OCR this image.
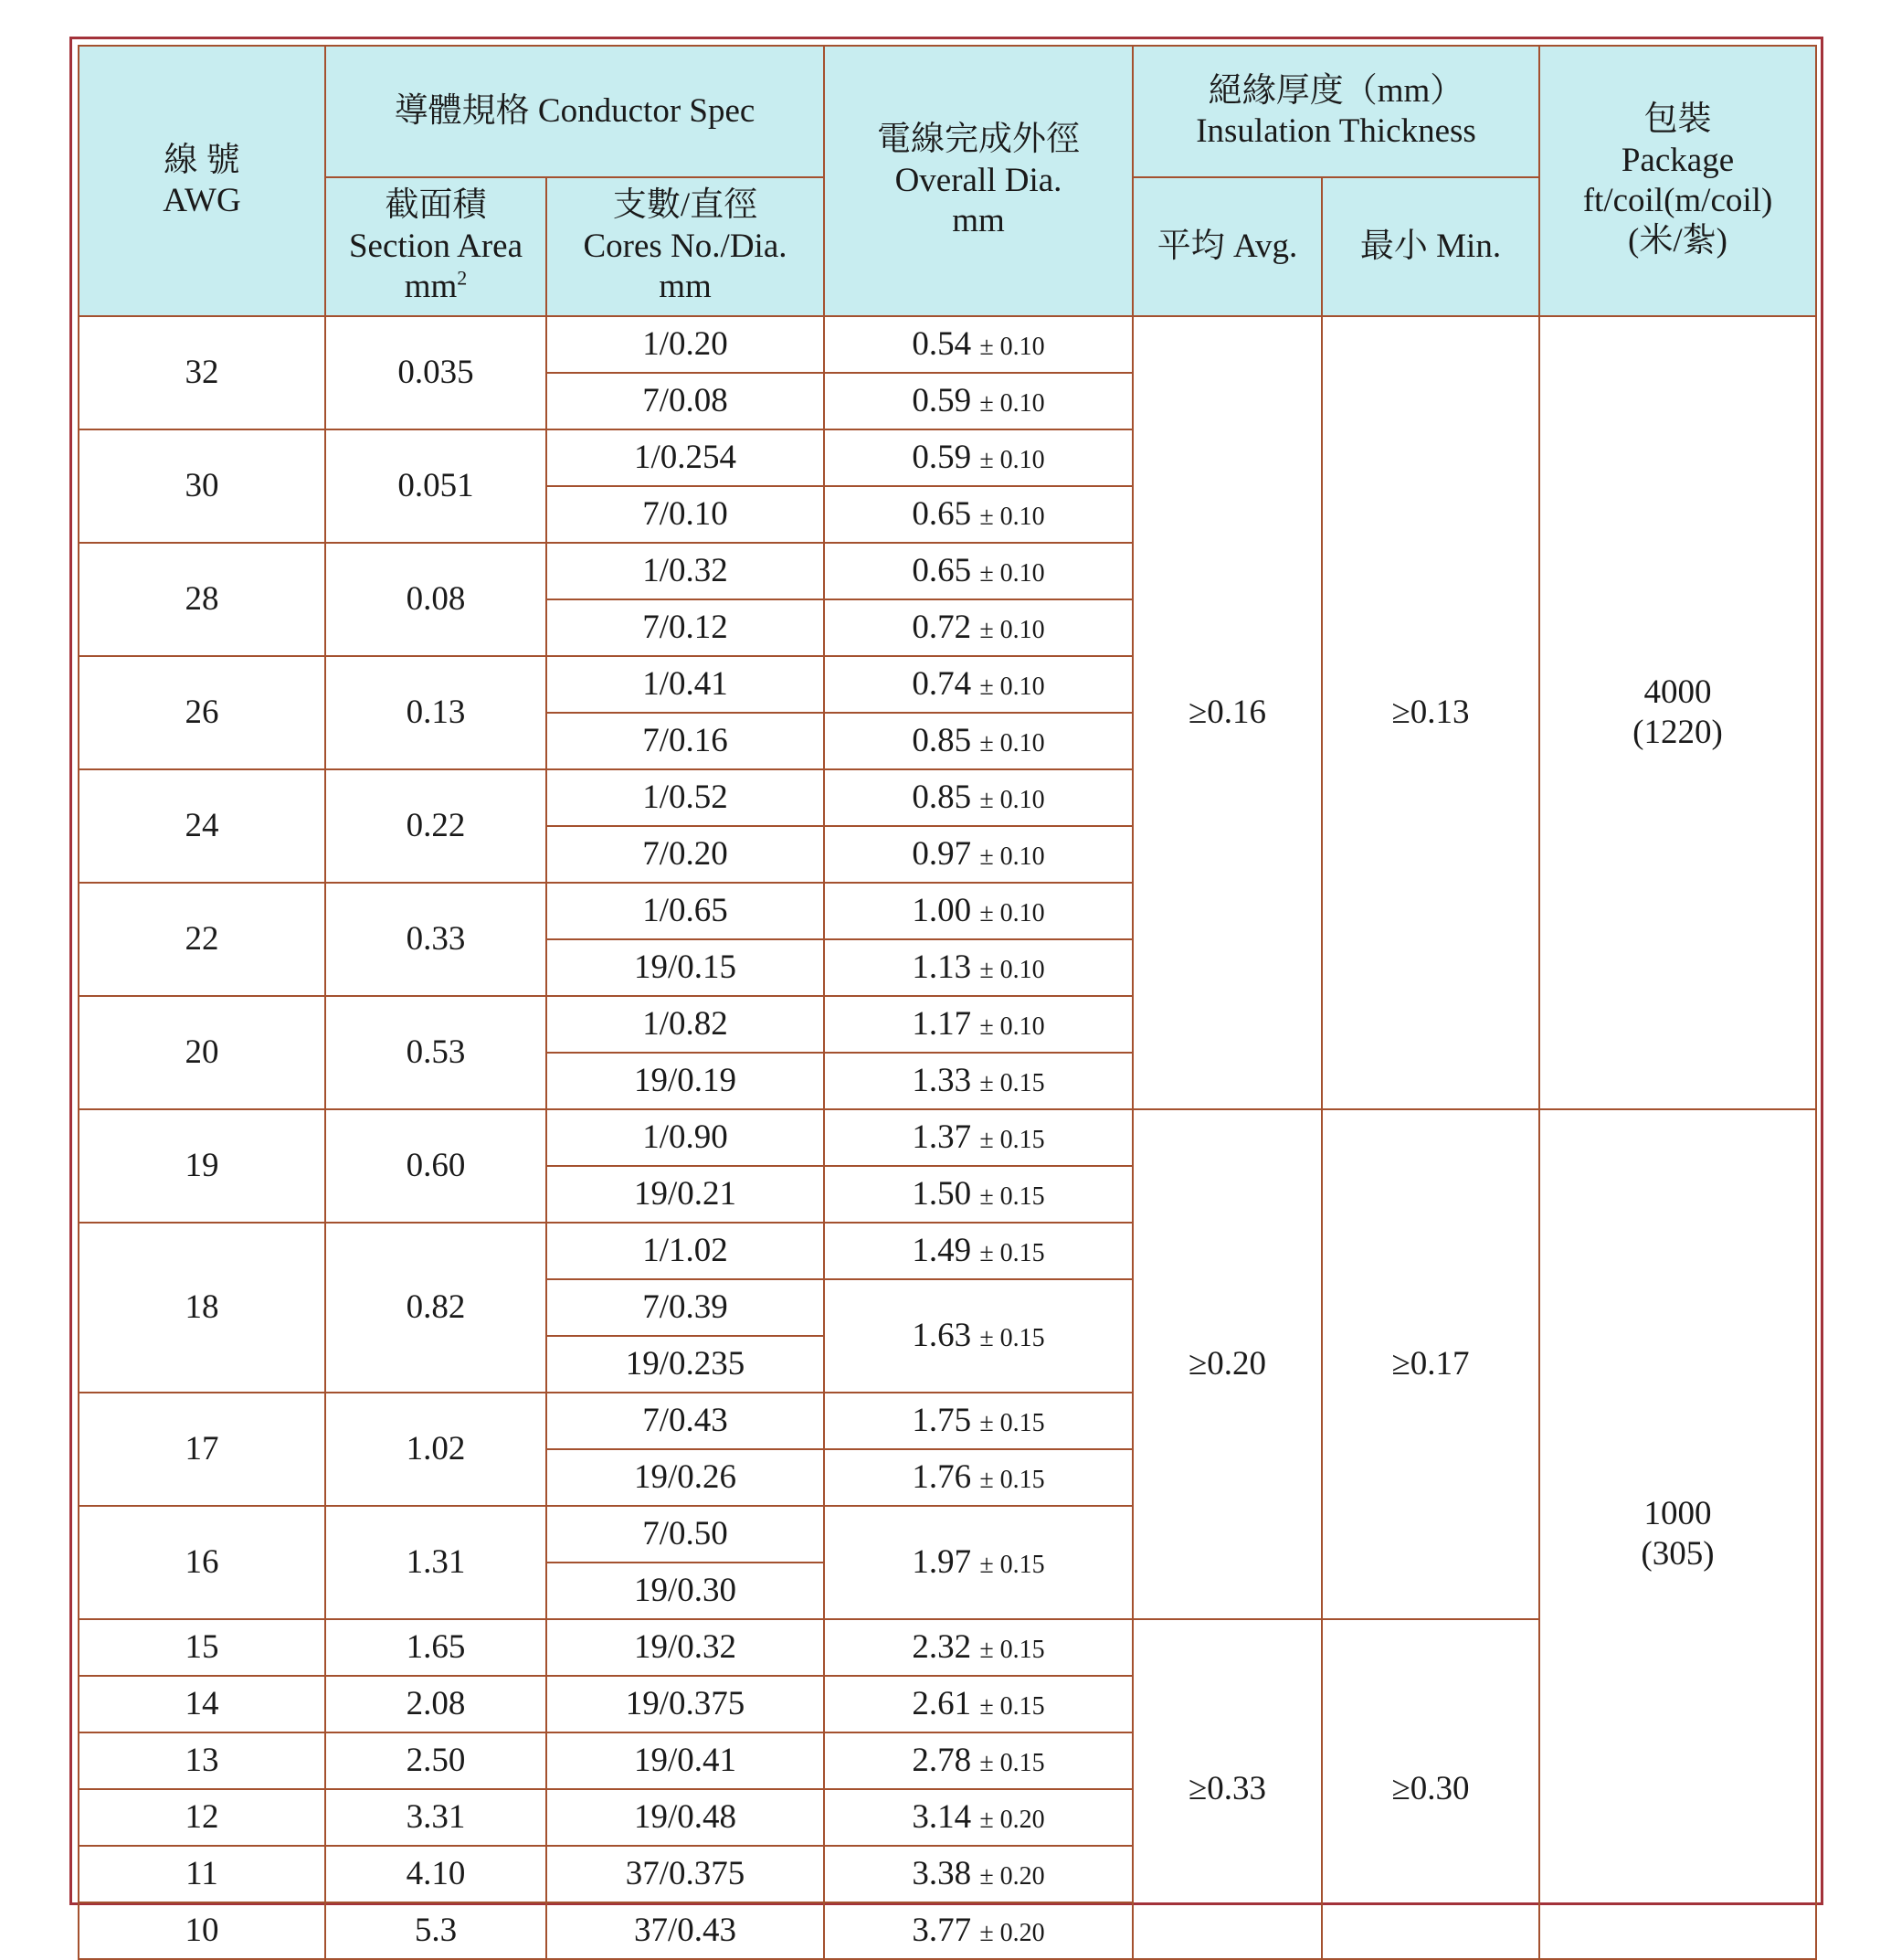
線 號
AWG	導體規格 Conductor Spec		電線完成外徑
Overall Dia.
mm	絕緣厚度（mm）
Insulation Thickness		包裝
Package
ft/coil(m/coil)
(米/紮)

	截面積
Section Area
$mm^2$	支數/直徑
Cores No./Dia.
mm		平均 Avg.	最小 Min.	
32	0.035	1/0.20	0.54 ± 0.10	≥0.16	≥0.13	4000
(1220)

		7/0.08	0.59 ± 0.10			
30	0.051	1/0.254	0.59 ± 0.10			
		7/0.10	0.65 ± 0.10			
28	0.08	1/0.32	0.65 ± 0.10			
		7/0.12	0.72 ± 0.10			
26	0.13	1/0.41	0.74 ± 0.10			
		7/0.16	0.85 ± 0.10			
24	0.22	1/0.52	0.85 ± 0.10			
		7/0.20	0.97 ± 0.10			
22	0.33	1/0.65	1.00 ± 0.10			
		19/0.15	1.13 ± 0.10			
20	0.53	1/0.82	1.17 ± 0.10			
		19/0.19	1.33 ± 0.15			
19	0.60	1/0.90	1.37 ± 0.15	≥0.20	≥0.17	1000
(305)

		19/0.21	1.50 ± 0.15			
18	0.82	1/1.02	1.49 ± 0.15			
		7/0.39	1.63 ± 0.15			
		19/0.235				
17	1.02	7/0.43	1.75 ± 0.15			
		19/0.26	1.76 ± 0.15			
16	1.31	7/0.50	1.97 ± 0.15			
		19/0.30				
15	1.65	19/0.32	2.32 ± 0.15	≥0.33	≥0.30	
14	2.08	19/0.375	2.61 ± 0.15			
13	2.50	19/0.41	2.78 ± 0.15			
12	3.31	19/0.48	3.14 ± 0.20			
11	4.10	37/0.375	3.38 ± 0.20			
10	5.3	37/0.43	3.77 ± 0.20			
